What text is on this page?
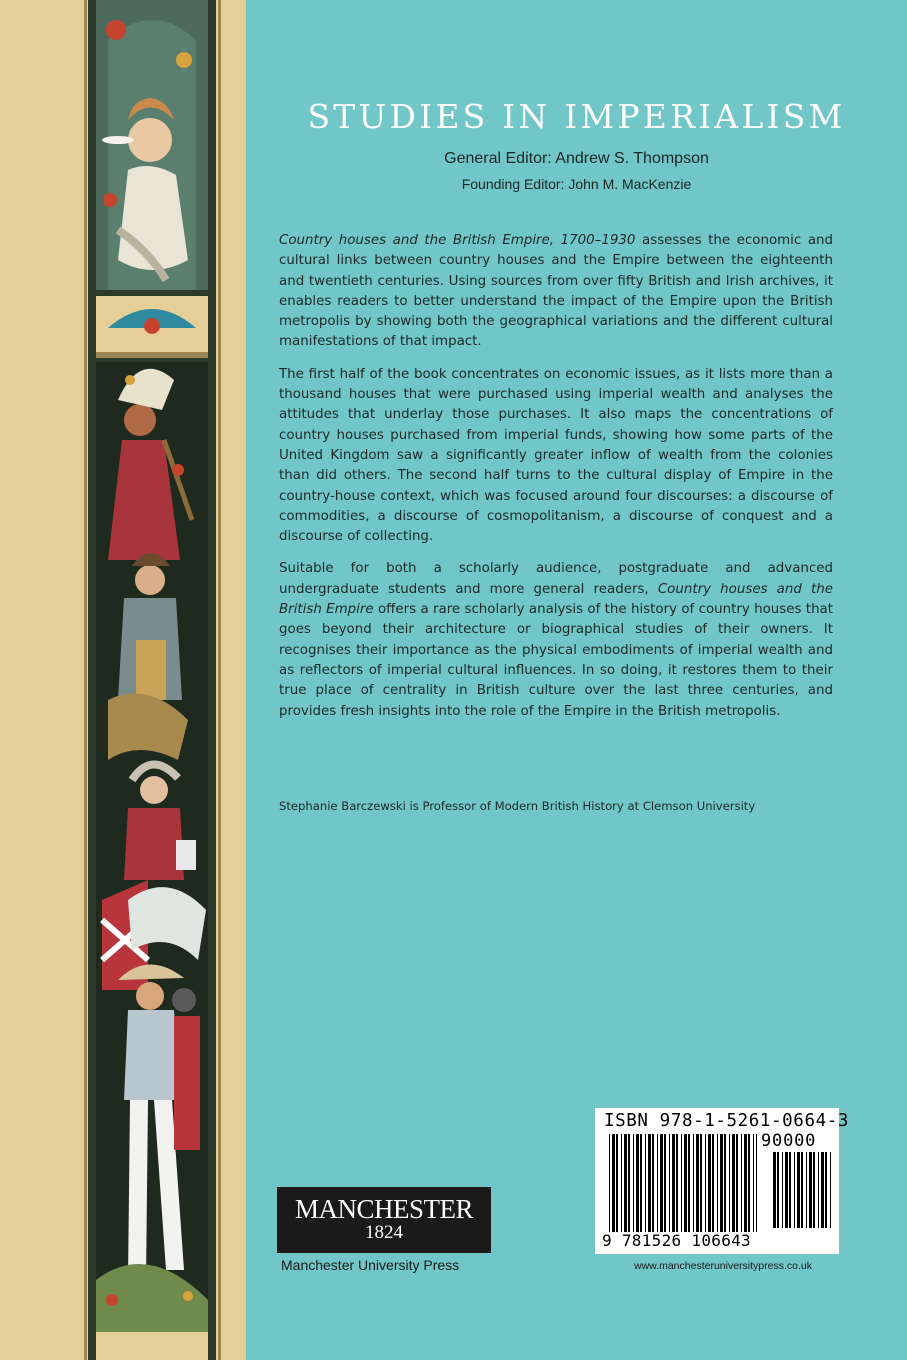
STUDIES IN IMPERIALISM
General Editor: Andrew S. Thompson
Founding Editor: John M. MacKenzie

Country houses and the British Empire, 1700–1930 assesses the economic and cultural links between country houses and the Empire between the eighteenth and twentieth centuries. Using sources from over fifty British and Irish archives, it enables readers to better understand the impact of the Empire upon the British metropolis by showing both the geographical variations and the different cultural manifestations of that impact.

The first half of the book concentrates on economic issues, as it lists more than a thousand houses that were purchased using imperial wealth and analyses the attitudes that underlay those purchases. It also maps the concentrations of country houses purchased from imperial funds, showing how some parts of the United Kingdom saw a significantly greater inflow of wealth from the colonies than did others. The second half turns to the cultural display of Empire in the country-house context, which was focused around four discourses: a discourse of commodities, a discourse of cosmopolitanism, a discourse of conquest and a discourse of collecting.

Suitable for both a scholarly audience, postgraduate and advanced undergraduate students and more general readers, Country houses and the British Empire offers a rare scholarly analysis of the history of country houses that goes beyond their architecture or biographical studies of their owners. It recognises their importance as the physical embodiments of imperial wealth and as reflectors of imperial cultural influences. In so doing, it restores them to their true place of centrality in British culture over the last three centuries, and provides fresh insights into the role of the Empire in the British metropolis.

Stephanie Barczewski is Professor of Modern British History at Clemson University
MANCHESTER
1824
Manchester University Press
ISBN 978-1-5261-0664-3
90000
9 781526 106643
www.manchesteruniversitypress.co.uk
